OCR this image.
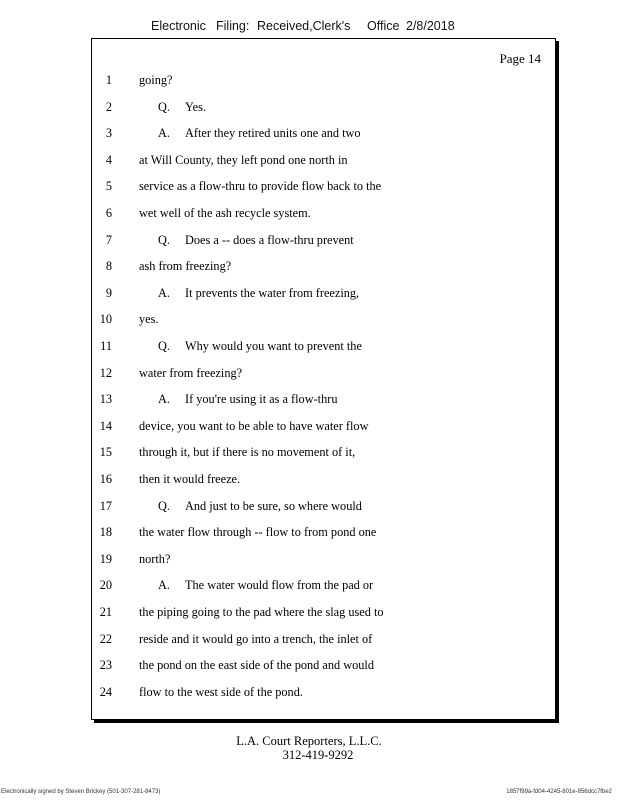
Electronic Filing: Received,Clerk's Office 2/8/2018
Page 14
1 going?
2	Q. Yes.
3	A. After they retired units one and two
4 at Will County, they left pond one north in
5 service as a flow-thru to provide flow back to the
6 wet well of the ash recycle system.
7	Q. Does a -- does a flow-thru prevent
8 ash from freezing?
9	A. It prevents the water from freezing,
10 yes.
11	Q. Why would you want to prevent the
12 water from freezing?
13	A. If you're using it as a flow-thru
14 device, you want to be able to have water flow
15 through it, but if there is no movement of it,
16 then it would freeze.
17	Q. And just to be sure, so where would
18 the water flow through -- flow to from pond one
19 north?
20	A. The water would flow from the pad or
21 the piping going to the pad where the slag used to
22 reside and it would go into a trench, the inlet of
23 the pond on the east side of the pond and would
24 flow to the west side of the pond.
L.A. Court Reporters, L.L.C.
312-419-9292
Electronically signed by Steven Brickey (501-307-281-8473)	1857f99a-fd04-4245-801e-856dcc7fbe2
